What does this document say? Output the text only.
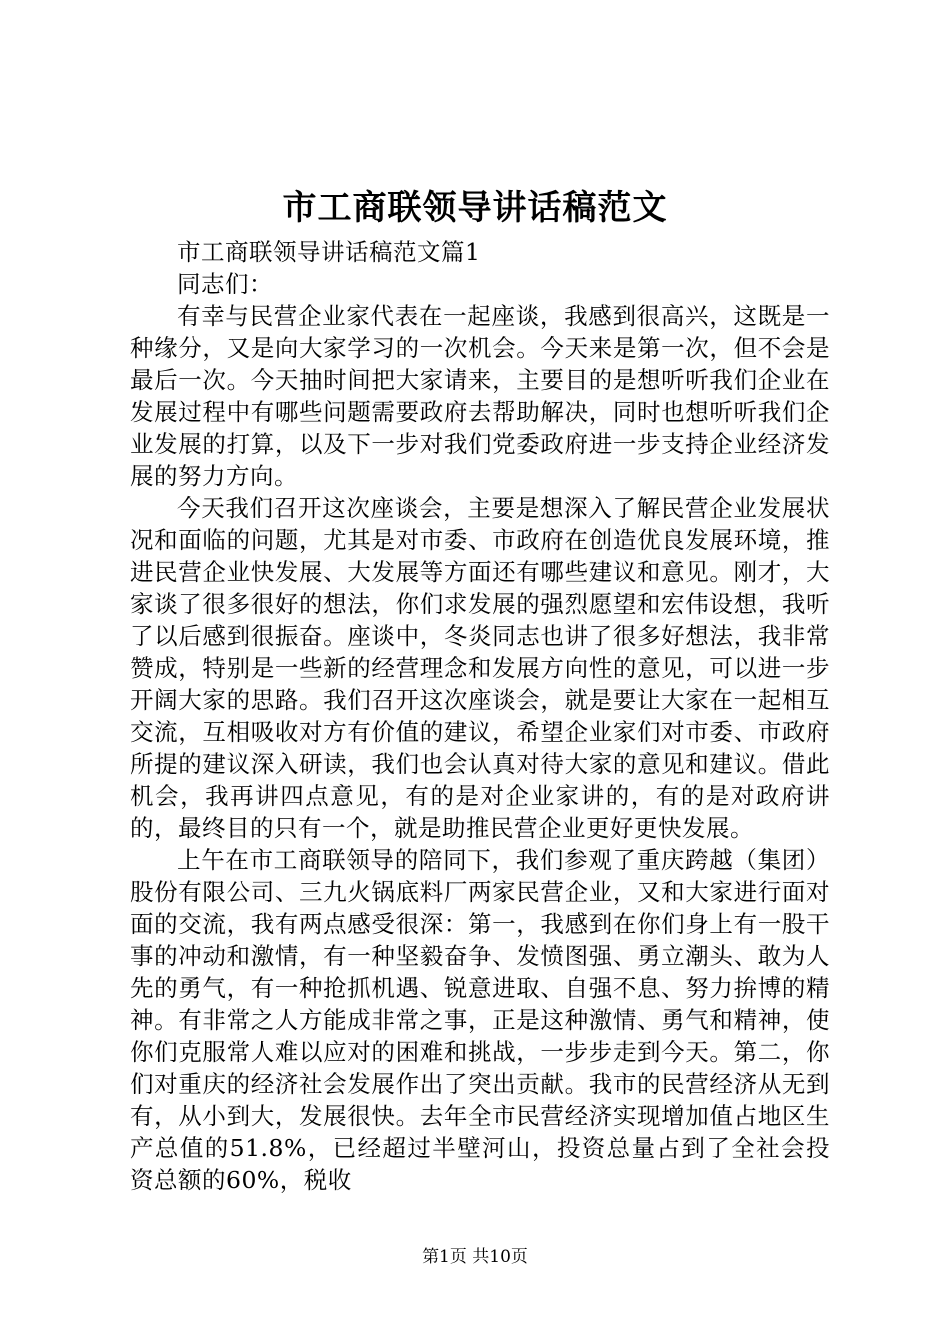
市工商联领导讲话稿范文

市工商联领导讲话稿范文篇1

同志们：

有幸与民营企业家代表在一起座谈，我感到很高兴，这既是一种缘分，又是向大家学习的一次机会。今天来是第一次，但不会是最后一次。今天抽时间把大家请来，主要目的是想听听我们企业在发展过程中有哪些问题需要政府去帮助解决，同时也想听听我们企业发展的打算，以及下一步对我们党委政府进一步支持企业经济发展的努力方向。

今天我们召开这次座谈会，主要是想深入了解民营企业发展状况和面临的问题，尤其是对市委、市政府在创造优良发展环境，推进民营企业快发展、大发展等方面还有哪些建议和意见。刚才，大家谈了很多很好的想法，你们求发展的强烈愿望和宏伟设想，我听了以后感到很振奋。座谈中，冬炎同志也讲了很多好想法，我非常赞成，特别是一些新的经营理念和发展方向性的意见，可以进一步开阔大家的思路。我们召开这次座谈会，就是要让大家在一起相互交流，互相吸收对方有价值的建议，希望企业家们对市委、市政府所提的建议深入研读，我们也会认真对待大家的意见和建议。借此机会，我再讲四点意见，有的是对企业家讲的，有的是对政府讲的，最终目的只有一个，就是助推民营企业更好更快发展。

上午在市工商联领导的陪同下，我们参观了重庆跨越（集团）股份有限公司、三九火锅底料厂两家民营企业，又和大家进行面对面的交流，我有两点感受很深：第一，我感到在你们身上有一股干事的冲动和激情，有一种坚毅奋争、发愤图强、勇立潮头、敢为人先的勇气，有一种抢抓机遇、锐意进取、自强不息、努力拚博的精神。有非常之人方能成非常之事，正是这种激情、勇气和精神，使你们克服常人难以应对的困难和挑战，一步步走到今天。第二，你们对重庆的经济社会发展作出了突出贡献。我市的民营经济从无到有，从小到大，发展很快。去年全市民营经济实现增加值占地区生产总值的51.8%，已经超过半壁河山，投资总量占到了全社会投资总额的60%，税收

第1页 共10页
